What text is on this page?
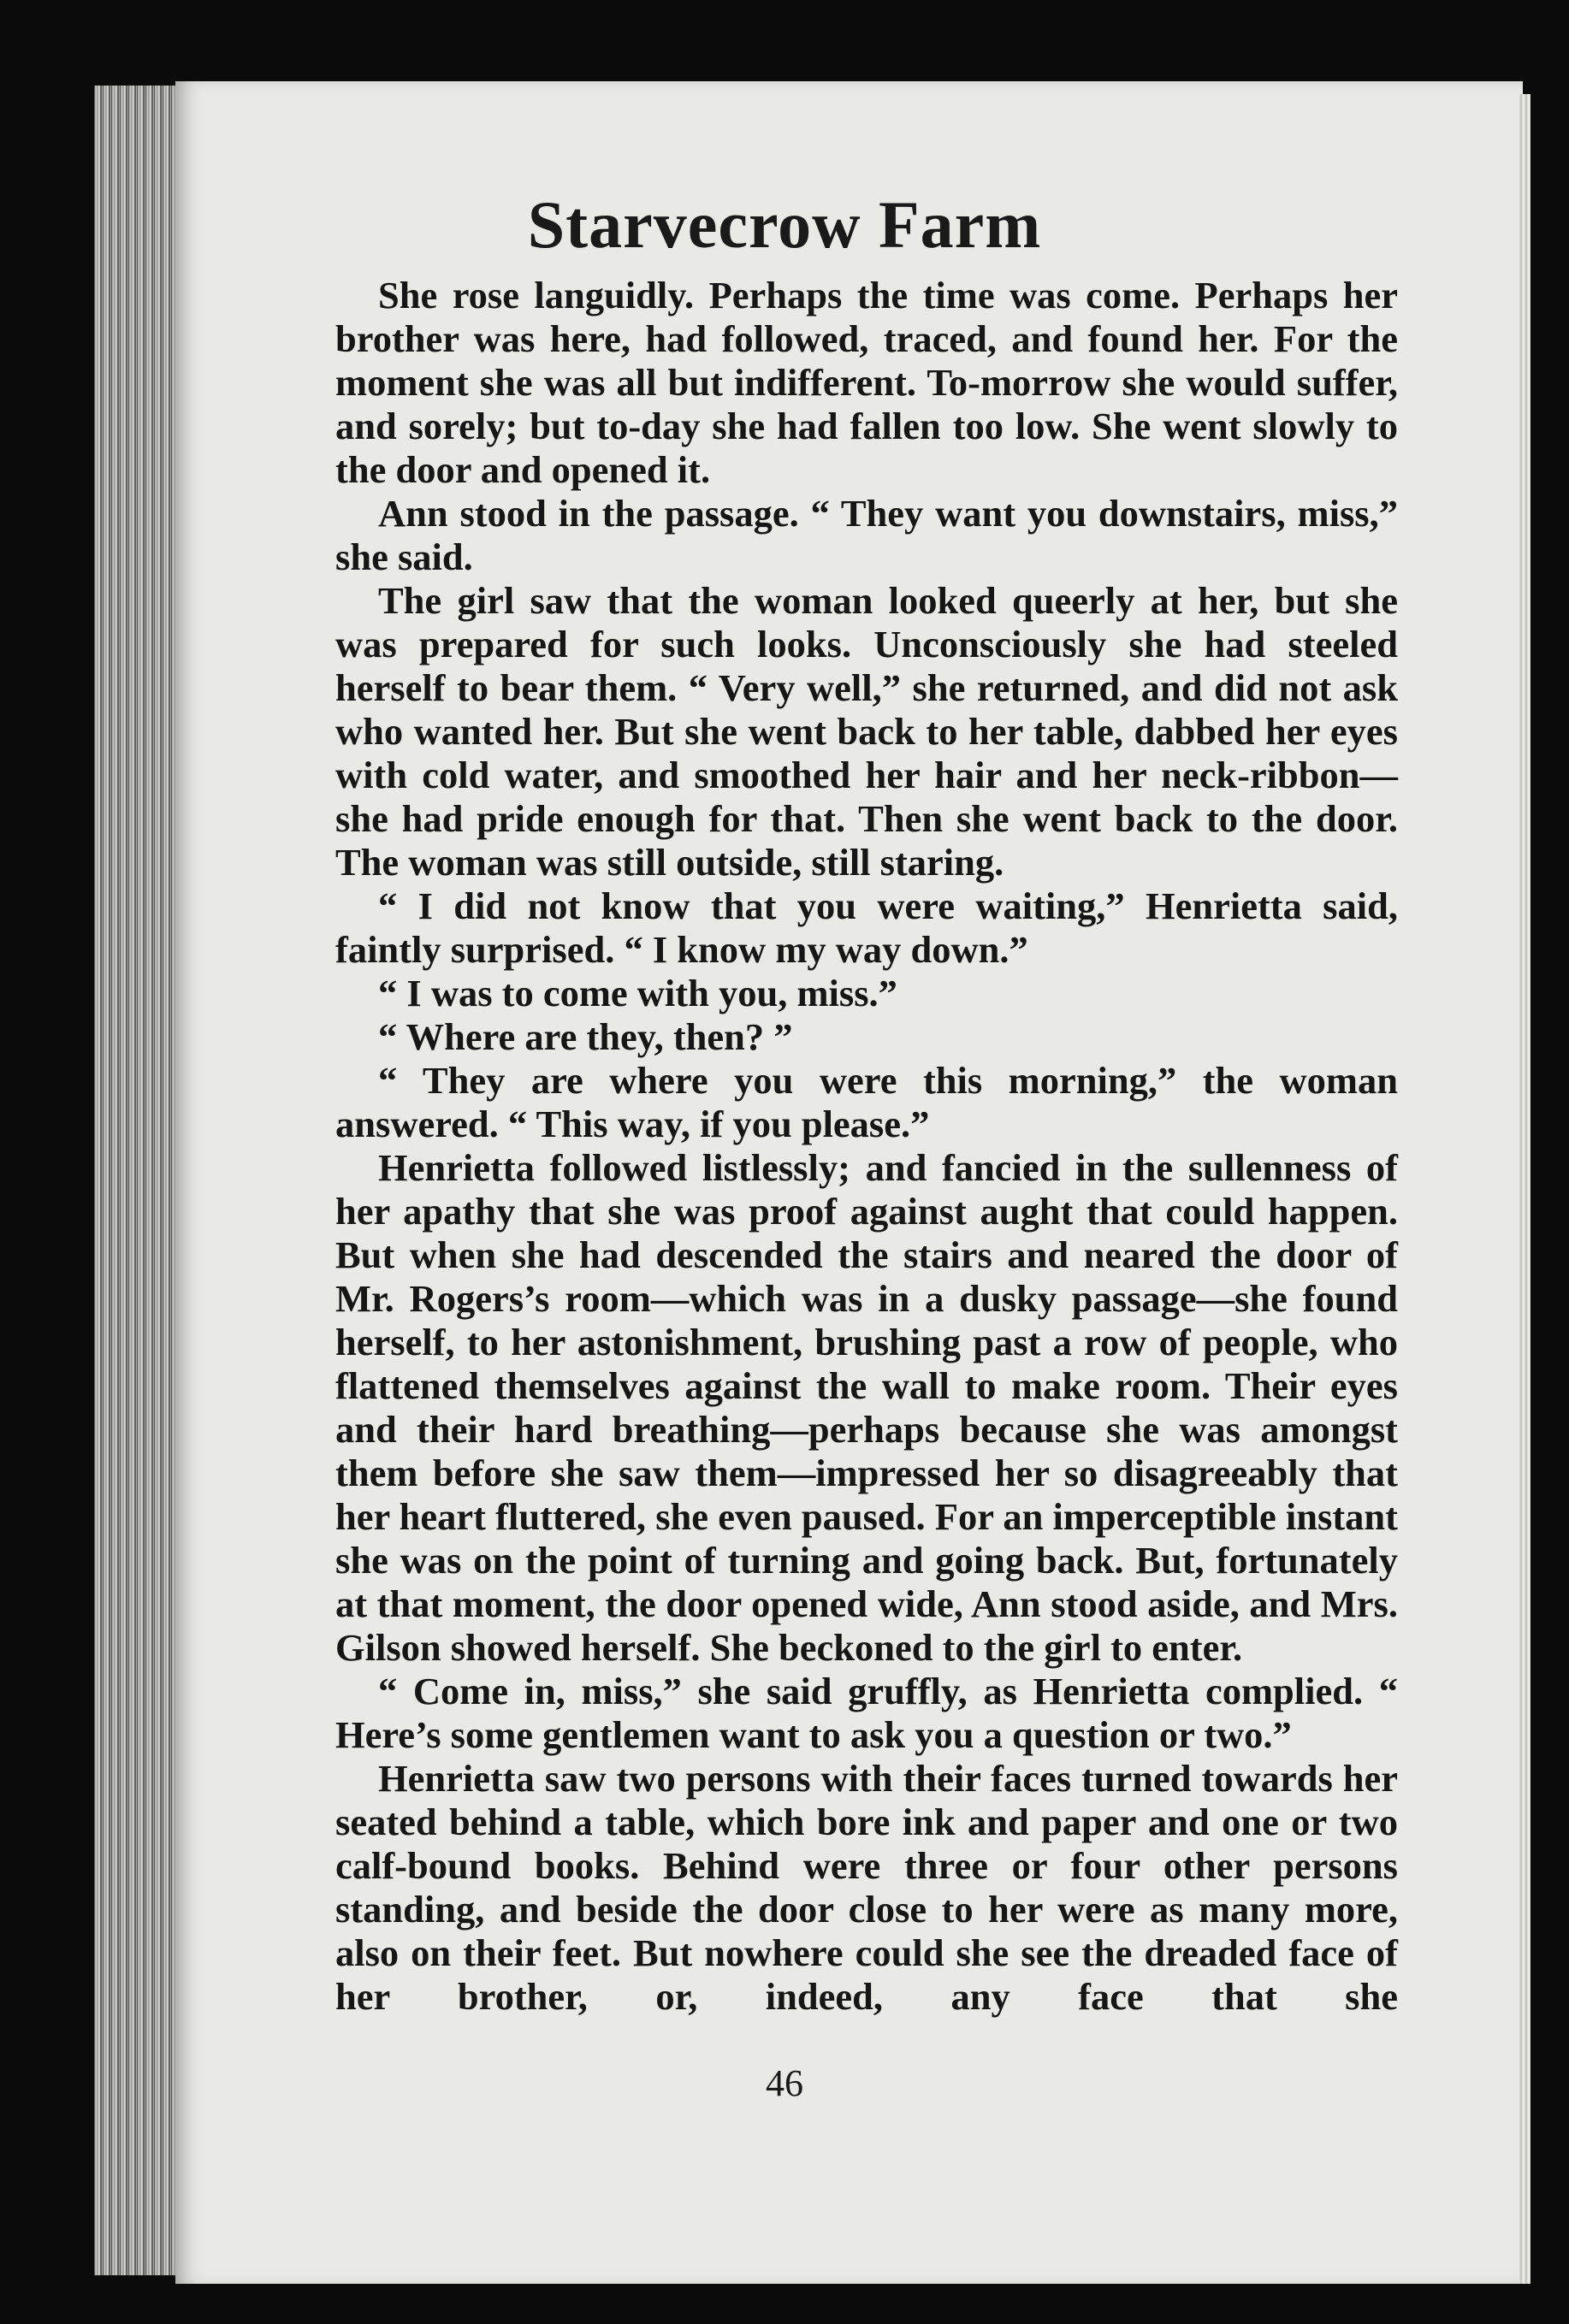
Starvecrow Farm

She rose languidly. Perhaps the time was come. Perhaps her brother was here, had followed, traced, and found her. For the moment she was all but indifferent. To-morrow she would suffer, and sorely; but to-day she had fallen too low. She went slowly to the door and opened it.

Ann stood in the passage. “ They want you downstairs, miss,” she said.

The girl saw that the woman looked queerly at her, but she was prepared for such looks. Unconsciously she had steeled herself to bear them. “ Very well,” she returned, and did not ask who wanted her. But she went back to her table, dabbed her eyes with cold water, and smoothed her hair and her neck-ribbon—she had pride enough for that. Then she went back to the door. The woman was still outside, still staring.

“ I did not know that you were waiting,” Henrietta said, faintly surprised. “ I know my way down.”

“ I was to come with you, miss.”

“ Where are they, then? ”

“ They are where you were this morning,” the woman answered. “ This way, if you please.”

Henrietta followed listlessly; and fancied in the sullenness of her apathy that she was proof against aught that could happen. But when she had descended the stairs and neared the door of Mr. Rogers’s room—which was in a dusky passage—she found herself, to her astonishment, brushing past a row of people, who flattened themselves against the wall to make room. Their eyes and their hard breathing—perhaps because she was amongst them before she saw them—impressed her so disagreeably that her heart fluttered, she even paused. For an imperceptible instant she was on the point of turning and going back. But, fortunately at that moment, the door opened wide, Ann stood aside, and Mrs. Gilson showed herself. She beckoned to the girl to enter.

“ Come in, miss,” she said gruffly, as Henrietta complied. “ Here’s some gentlemen want to ask you a question or two.”

Henrietta saw two persons with their faces turned towards her seated behind a table, which bore ink and paper and one or two calf-bound books. Behind were three or four other persons standing, and beside the door close to her were as many more, also on their feet. But nowhere could she see the dreaded face of her brother, or, indeed, any face that she

46
